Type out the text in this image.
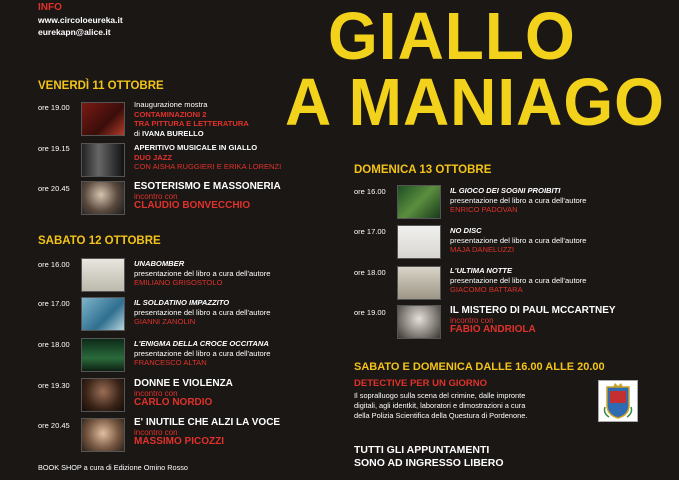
INFO
www.circoloeureka.it
eurekapn@alice.it	GIALLO
A MANIAGO
VENERDÌ 11 OTTOBRE
ore 19.00	Inaugurazione mostra
CONTAMINAZIONI 2
TRA PITTURA E LETTERATURA
di IVANA BURELLO
ore 19.15	APERITIVO MUSICALE IN GIALLO
DUO JAZZ
CON AISHA RUGGIERI E ERIKA LORENZI
ore 20.45	ESOTERISMO E MASSONERIA
incontro con
CLAUDIO BONVECCHIO
SABATO 12 OTTOBRE
ore 16.00	UNABOMBER
presentazione del libro a cura dell'autore
EMILIANO GRISOSTOLO
ore 17.00	IL SOLDATINO IMPAZZITO
presentazione del libro a cura dell'autore
GIANNI ZANOLIN
ore 18.00	L'ENIGMA DELLA CROCE OCCITANA
presentazione del libro a cura dell'autore
FRANCESCO ALTAN
ore 19.30	DONNE E VIOLENZA
incontro con
CARLO NORDIO
ore 20.45	E' INUTILE CHE ALZI LA VOCE
incontro con
MASSIMO PICOZZI
BOOK SHOP a cura di Edizione Omino Rosso
DOMENICA 13 OTTOBRE
ore 16.00	IL GIOCO DEI SOGNI PROIBITI
presentazione del libro a cura dell'autore
ENRICO PADOVAN
ore 17.00	NO DISC
presentazione del libro a cura dell'autore
MAJA DANELUZZI
ore 18.00	L'ULTIMA NOTTE
presentazione del libro a cura dell'autore
GIACOMO BATTARA
ore 19.00	IL MISTERO DI PAUL MCCARTNEY
incontro con
FABIO ANDRIOLA
SABATO E DOMENICA DALLE 16.00 ALLE 20.00
DETECTIVE PER UN GIORNO
Il sopralluogo sulla scena del crimine, dalle impronte
digitali, agli identkit, laboratori e dimostrazioni a cura
della Polizia Scientifica della Questura di Pordenone.
TUTTI GLI APPUNTAMENTI
SONO AD INGRESSO LIBERO
